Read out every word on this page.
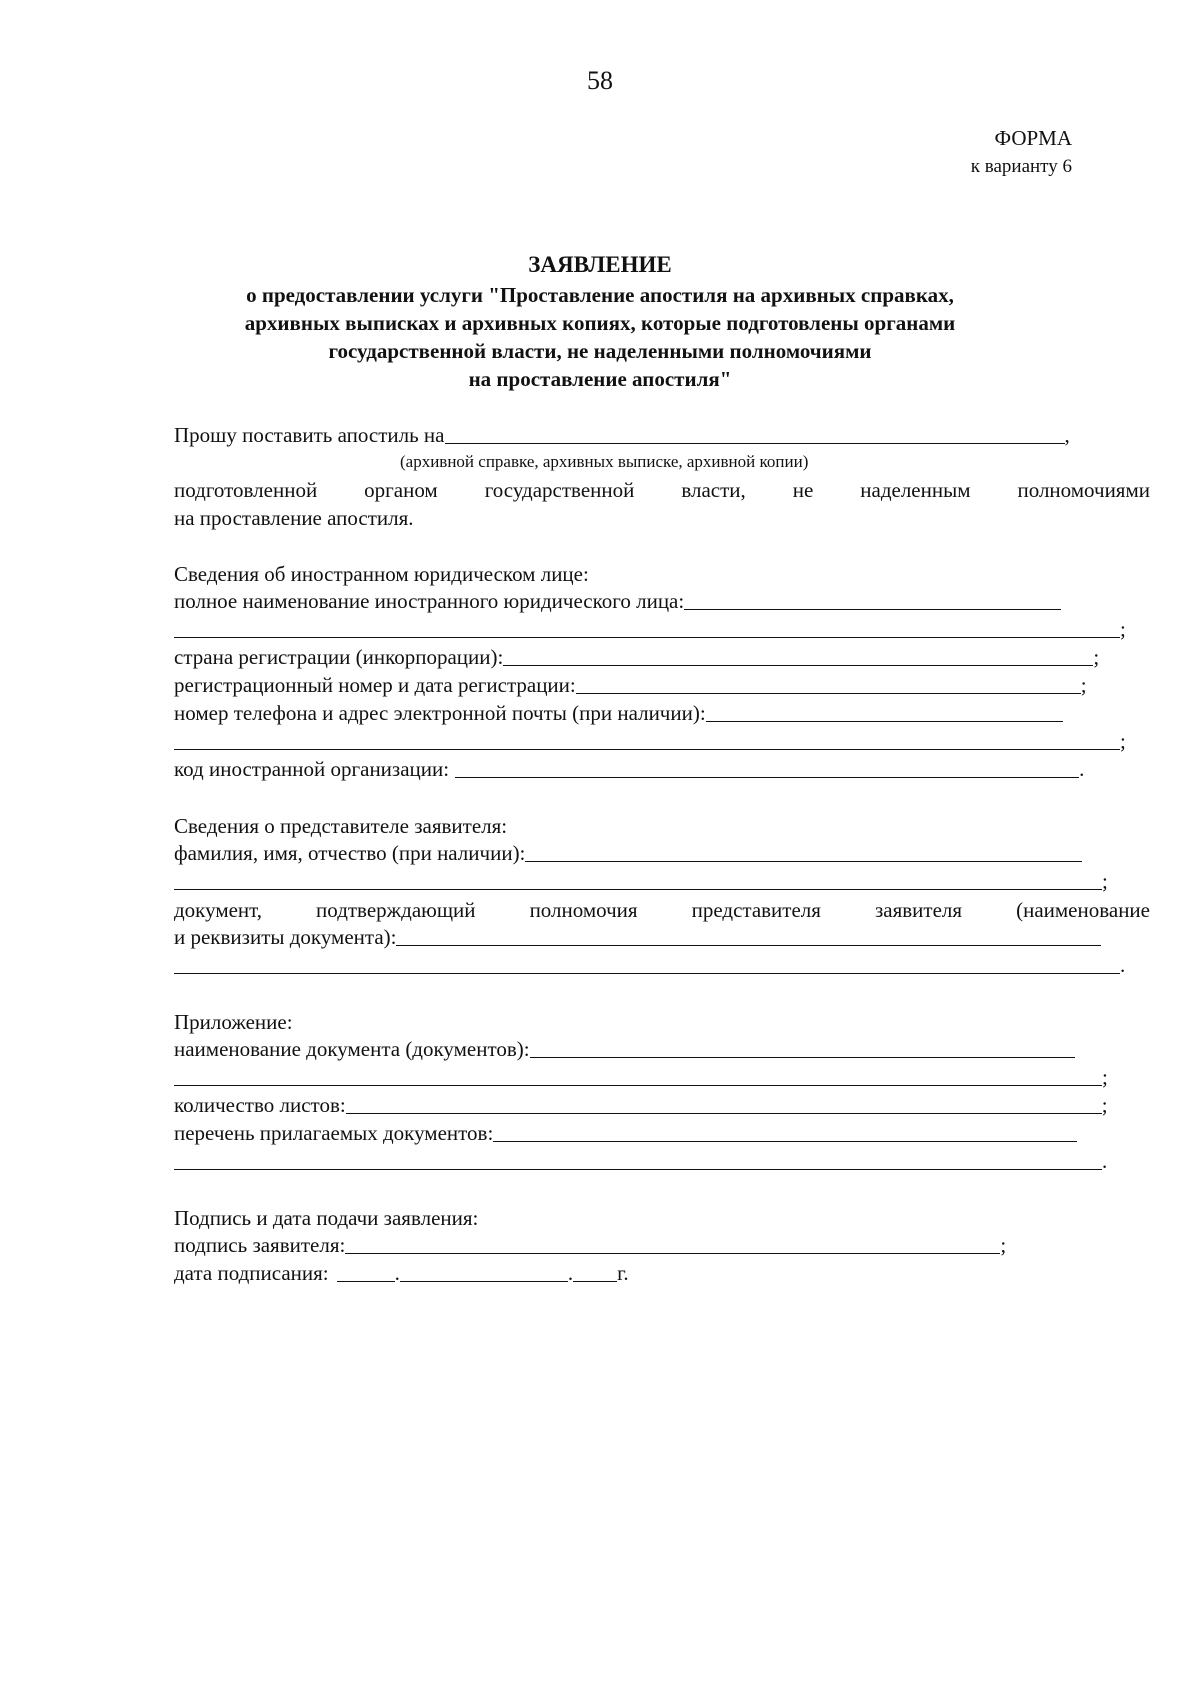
58
ФОРМА
к варианту 6
ЗАЯВЛЕНИЕ
о предоставлении услуги "Проставление апостиля на архивных справках,
архивных выписках и архивных копиях, которые подготовлены органами
государственной власти, не наделенными полномочиями
на проставление апостиля"
Прошу поставить апостиль на	,
(архивной справке, архивных выписке, архивной копии)
подготовленной органом государственной власти, не наделенным полномочиями
на проставление апостиля.
Сведения об иностранном юридическом лице:
полное наименование иностранного юридического лица:
;
страна регистрации (инкорпорации):	;
регистрационный номер и дата регистрации:	;
номер телефона и адрес электронной почты (при наличии):
;
код иностранной организации:	.
Сведения о представителе заявителя:
фамилия, имя, отчество (при наличии):
;
документ, подтверждающий полномочия представителя заявителя (наименование
и реквизиты документа):
.
Приложение:
наименование документа (документов):
;
количество листов:	;
перечень прилагаемых документов:
.
Подпись и дата подачи заявления:
подпись заявителя:	;
дата подписания:	.	. г.
